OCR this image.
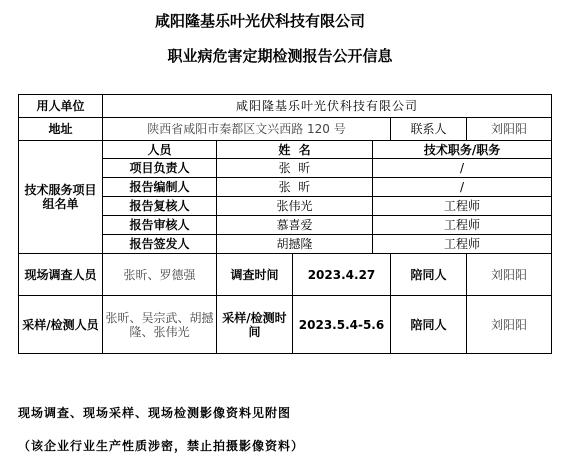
咸阳隆基乐叶光伏科技有限公司
职业病危害定期检测报告公开信息
用人单位	咸阳隆基乐叶光伏科技有限公司					
地址	陕西省咸阳市秦都区文兴西路 120 号				联系人	刘阳阳
技术服务项目组名单	人员	姓  名		技术职务/职务		
	项目负责人	张  昕		/		
	报告编制人	张  昕		/		
	报告复核人	张伟光		工程师		
	报告审核人	慕喜爱		工程师		
	报告签发人	胡撼隆		工程师		
现场调查人员	张昕、罗德强	调查时间	2023.4.27		陪同人	刘阳阳
采样/检测人员	张昕、吴宗武、胡撼隆、张伟光	采样/检测时间	2023.5.4-5.6		陪同人	刘阳阳
现场调查、现场采样、现场检测影像资料见附图
（该企业行业生产性质涉密，禁止拍摄影像资料）
